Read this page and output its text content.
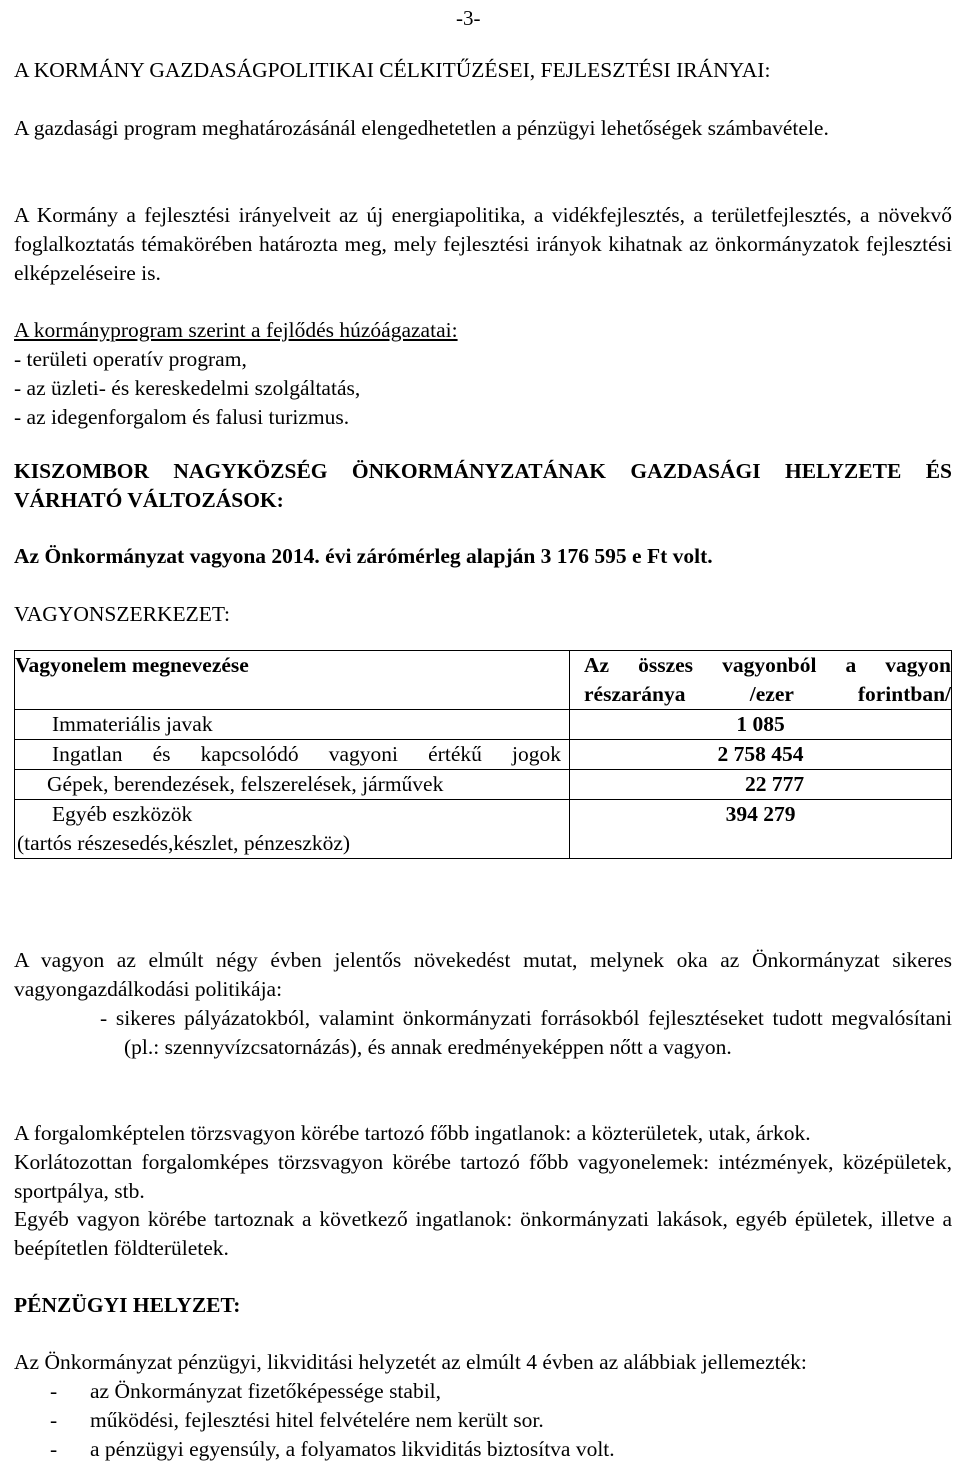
-3-

A KORMÁNY GAZDASÁGPOLITIKAI CÉLKITŰZÉSEI, FEJLESZTÉSI IRÁNYAI:

A gazdasági program meghatározásánál elengedhetetlen a pénzügyi lehetőségek számbavétele.

A Kormány a fejlesztési irányelveit az új energiapolitika, a vidékfejlesztés, a területfejlesztés, a növekvő foglalkoztatás témakörében határozta meg, mely fejlesztési irányok kihatnak az önkormányzatok fejlesztési elképzeléseire is.

A kormányprogram szerint a fejlődés húzóágazatai:
- területi operatív program,
- az üzleti- és kereskedelmi szolgáltatás,
- az idegenforgalom és falusi turizmus.

KISZOMBOR NAGYKÖZSÉG ÖNKORMÁNYZATÁNAK GAZDASÁGI HELYZETE ÉS VÁRHATÓ VÁLTOZÁSOK:

Az Önkormányzat vagyona 2014. évi zárómérleg alapján 3 176 595 e Ft volt.

VAGYONSZERKEZET:

Vagyonelem megnevezése	Az összes vagyonból a vagyon részaránya /ezer forintban/

Immateriális javak	1 085

Ingatlan és kapcsolódó vagyoni értékű jogok	2 758 454
Gépek, berendezések, felszerelések, járművek	22 777

Egyéb eszközök
(tartós részesedés,készlet, pénzeszköz)	394 279

A vagyon az elmúlt négy évben jelentős növekedést mutat, melynek oka az Önkormányzat sikeres vagyongazdálkodási politikája:

- sikeres pályázatokból, valamint önkormányzati forrásokból fejlesztéseket tudott megvalósítani (pl.: szennyvízcsatornázás), és annak eredményeképpen nőtt a vagyon.

A forgalomképtelen törzsvagyon körébe tartozó főbb ingatlanok: a közterületek, utak, árkok.

Korlátozottan forgalomképes törzsvagyon körébe tartozó főbb vagyonelemek: intézmények, középületek, sportpálya, stb.

Egyéb vagyon körébe tartoznak a következő ingatlanok: önkormányzati lakások, egyéb épületek, illetve a beépítetlen földterületek.

PÉNZÜGYI HELYZET:

Az Önkormányzat pénzügyi, likviditási helyzetét az elmúlt 4 évben az alábbiak jellemezték:

-	az Önkormányzat fizetőképessége stabil,
-	működési, fejlesztési hitel felvételére nem került sor.
-	a pénzügyi egyensúly, a folyamatos likviditás biztosítva volt.
